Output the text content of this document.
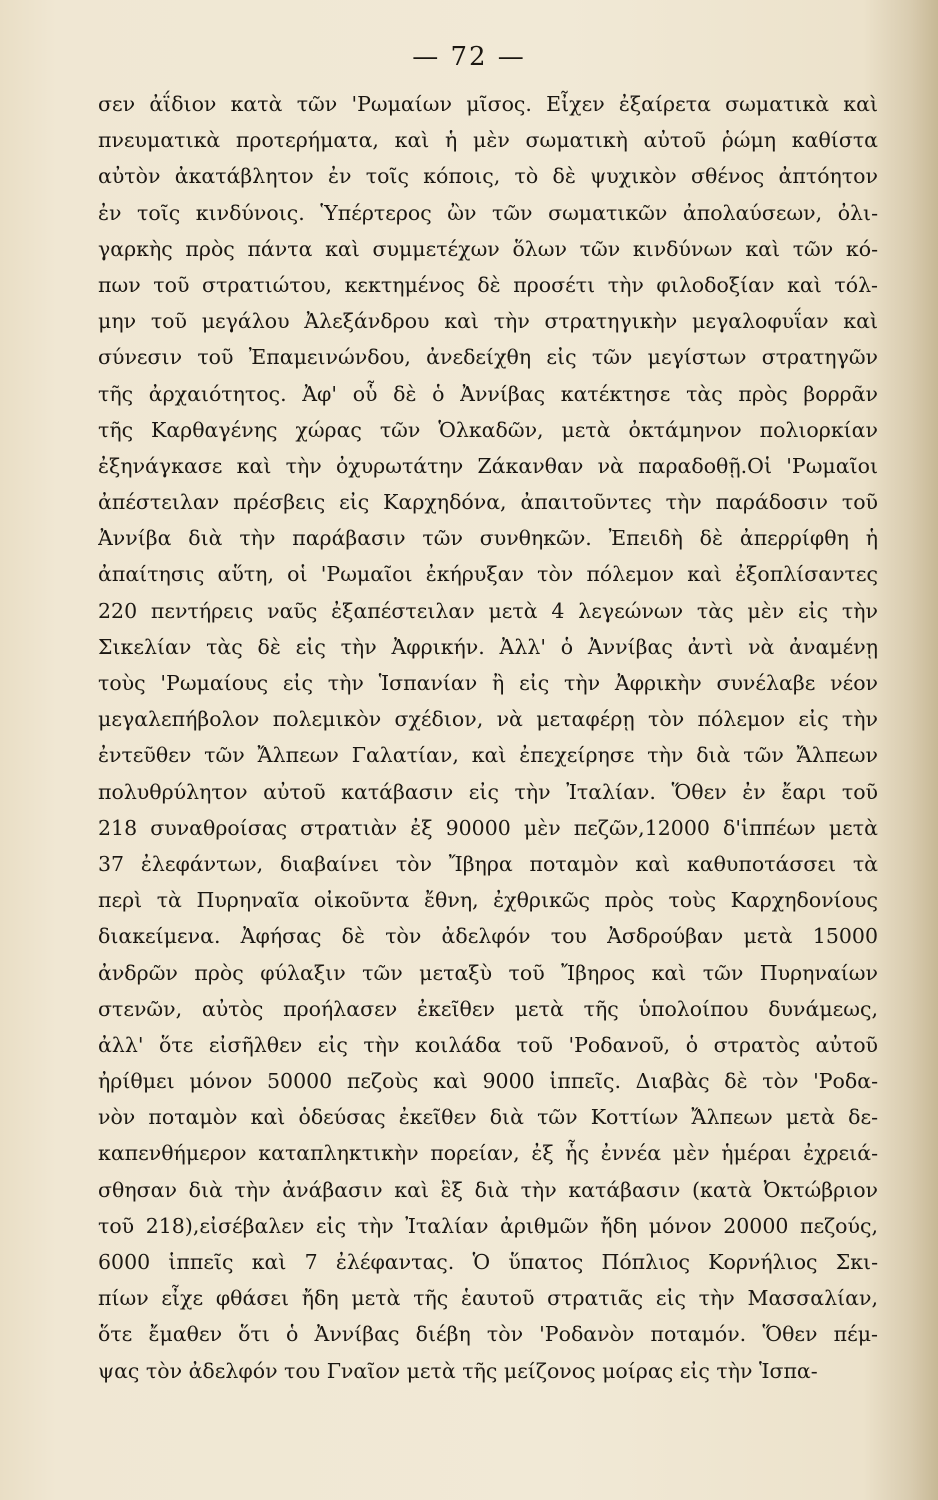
— 72 —
σεν ἀΐδιον κατὰ τῶν 'Ρωμαίων μῖσος. Εἶχεν ἐξαίρετα σωματικὰ καὶ
πνευματικὰ προτερήματα, καὶ ἡ μὲν σωματικὴ αὐτοῦ ῥώμη καθίστα
αὐτὸν ἀκατάβλητον ἐν τοῖς κόποις, τὸ δὲ ψυχικὸν σθένος ἀπτόητον
ἐν τοῖς κινδύνοις. Ὑπέρτερος ὢν τῶν σωματικῶν ἀπολαύσεων, ὀλι-
γαρκὴς πρὸς πάντα καὶ συμμετέχων ὅλων τῶν κινδύνων καὶ τῶν κό-
πων τοῦ στρατιώτου, κεκτημένος δὲ προσέτι τὴν φιλοδοξίαν καὶ τόλ-
μην τοῦ μεγάλου Ἀλεξάνδρου καὶ τὴν στρατηγικὴν μεγαλοφυΐαν καὶ
σύνεσιν τοῦ Ἐπαμεινώνδου, ἀνεδείχθη εἰς τῶν μεγίστων στρατηγῶν
τῆς ἀρχαιότητος. Ἀφ' οὗ δὲ ὁ Ἀννίβας κατέκτησε τὰς πρὸς βορρᾶν
τῆς Καρθαγένης χώρας τῶν Ὁλκαδῶν, μετὰ ὀκτάμηνον πολιορκίαν
ἐξηνάγκασε καὶ τὴν ὀχυρωτάτην Ζάκανθαν νὰ παραδοθῇ.Οἱ 'Ρωμαῖοι
ἀπέστειλαν πρέσβεις εἰς Καρχηδόνα, ἀπαιτοῦντες τὴν παράδοσιν τοῦ
Ἀννίβα διὰ τὴν παράβασιν τῶν συνθηκῶν. Ἐπειδὴ δὲ ἀπερρίφθη ἡ
ἀπαίτησις αὕτη, οἱ 'Ρωμαῖοι ἐκήρυξαν τὸν πόλεμον καὶ ἐξοπλίσαντες
220 πεντήρεις ναῦς ἐξαπέστειλαν μετὰ 4 λεγεώνων τὰς μὲν εἰς τὴν
Σικελίαν τὰς δὲ εἰς τὴν Ἀφρικήν. Ἀλλ' ὁ Ἀννίβας ἀντὶ νὰ ἀναμένῃ
τοὺς 'Ρωμαίους εἰς τὴν Ἱσπανίαν ἢ εἰς τὴν Ἀφρικὴν συνέλαβε νέον
μεγαλεπήβολον πολεμικὸν σχέδιον, νὰ μεταφέρῃ τὸν πόλεμον εἰς τὴν
ἐντεῦθεν τῶν Ἄλπεων Γαλατίαν, καὶ ἐπεχείρησε τὴν διὰ τῶν Ἄλπεων
πολυθρύλητον αὐτοῦ κατάβασιν εἰς τὴν Ἰταλίαν. Ὅθεν ἐν ἔαρι τοῦ
218 συναθροίσας στρατιὰν ἐξ 90000 μὲν πεζῶν,12000 δ'ἱππέων μετὰ
37 ἐλεφάντων, διαβαίνει τὸν Ἴβηρα ποταμὸν καὶ καθυποτάσσει τὰ
περὶ τὰ Πυρηναῖα οἰκοῦντα ἔθνη, ἐχθρικῶς πρὸς τοὺς Καρχηδονίους
διακείμενα. Ἀφήσας δὲ τὸν ἀδελφόν του Ἀσδρούβαν μετὰ 15000
ἀνδρῶν πρὸς φύλαξιν τῶν μεταξὺ τοῦ Ἴβηρος καὶ τῶν Πυρηναίων
στενῶν, αὐτὸς προήλασεν ἐκεῖθεν μετὰ τῆς ὑπολοίπου δυνάμεως,
ἀλλ' ὅτε εἰσῆλθεν εἰς τὴν κοιλάδα τοῦ 'Ροδανοῦ, ὁ στρατὸς αὐτοῦ
ἠρίθμει μόνον 50000 πεζοὺς καὶ 9000 ἱππεῖς. Διαβὰς δὲ τὸν 'Ροδα-
νὸν ποταμὸν καὶ ὁδεύσας ἐκεῖθεν διὰ τῶν Κοττίων Ἄλπεων μετὰ δε-
καπενθήμερον καταπληκτικὴν πορείαν, ἐξ ἧς ἐννέα μὲν ἡμέραι ἐχρειά-
σθησαν διὰ τὴν ἀνάβασιν καὶ ἓξ διὰ τὴν κατάβασιν (κατὰ Ὀκτώβριον
τοῦ 218),εἰσέβαλεν εἰς τὴν Ἰταλίαν ἀριθμῶν ἤδη μόνον 20000 πεζούς,
6000 ἱππεῖς καὶ 7 ἐλέφαντας. Ὁ ὕπατος Πόπλιος Κορνήλιος Σκι-
πίων εἶχε φθάσει ἤδη μετὰ τῆς ἑαυτοῦ στρατιᾶς εἰς τὴν Μασσαλίαν,
ὅτε ἔμαθεν ὅτι ὁ Ἀννίβας διέβη τὸν 'Ροδανὸν ποταμόν. Ὅθεν πέμ-
ψας τὸν ἀδελφόν του Γναῖον μετὰ τῆς μείζονος μοίρας εἰς τὴν Ἱσπα-
